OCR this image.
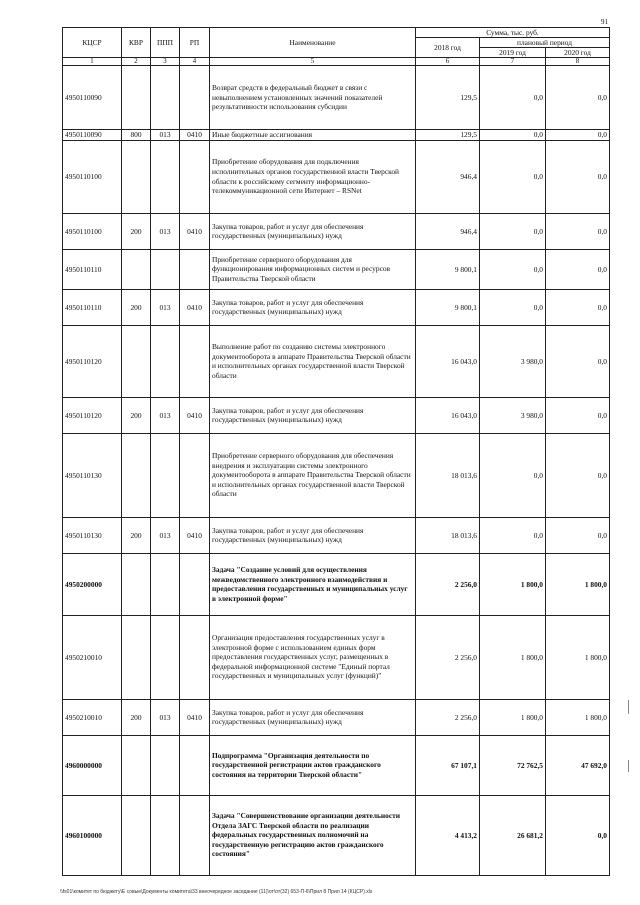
91
КЦСР	КВР	ППП	РП	Наименование	Сумма, тыс. руб.		
					2018 год	плановый период	
						2019 год	2020 год
1	2	3	4	5	6	7	8
4950110090				Возврат средств в федеральный бюджет в связи с невыполнением установленных значений показателей результативности использования субсидии	129,5	0,0	0,0
4950110090	800	013	0410	Иные бюджетные ассигнования	129,5	0,0	0,0
4950110100				Приобретение оборудования для подключения исполнительных органов государственной власти Тверской области к российскому сегменту информационно-телекоммуникационной сети Интернет – RSNet	946,4	0,0	0,0
4950110100	200	013	0410	Закупка товаров, работ и услуг для обеспечения государственных (муниципальных) нужд	946,4	0,0	0,0
4950110110				Приобретение серверного оборудования для функционирования информационных систем и ресурсов Правительства Тверской области	9 800,1	0,0	0,0
4950110110	200	013	0410	Закупка товаров, работ и услуг для обеспечения государственных (муниципальных) нужд	9 800,1	0,0	0,0
4950110120				Выполнение работ по созданию системы электронного документооборота в аппарате Правительства Тверской области и исполнительных органах государственной власти Тверской области	16 043,0	3 980,0	0,0
4950110120	200	013	0410	Закупка товаров, работ и услуг для обеспечения государственных (муниципальных) нужд	16 043,0	3 980,0	0,0
4950110130				Приобретение серверного оборудования для обеспечения внедрения и эксплуатации системы электронного документооборота в аппарате Правительства Тверской области и исполнительных органах государственной власти Тверской области	18 013,6	0,0	0,0
4950110130	200	013	0410	Закупка товаров, работ и услуг для обеспечения государственных (муниципальных) нужд	18 013,6	0,0	0,0
4950200000				Задача "Создание условий для осуществления межведомственного электронного взаимодействия и предоставления государственных и муниципальных услуг в электронной форме"	2 256,0	1 800,0	1 800,0
4950210010				Организация предоставления государственных услуг в электронной форме с использованием единых форм предоставления государственных услуг, размещенных в федеральной информационной системе "Единый портал государственных и муниципальных услуг (функций)"	2 256,0	1 800,0	1 800,0
4950210010	200	013	0410	Закупка товаров, работ и услуг для обеспечения государственных (муниципальных) нужд	2 256,0	1 800,0	1 800,0
4960000000				Подпрограмма "Организация деятельности по государственной регистрации актов гражданского состояния на территории Тверской области"	67 107,1	72 762,5	47 692,0
4960100000				Задача "Совершенствование организации деятельности Отдела ЗАГС Тверской области по реализации федеральных государственных полномочий на государственную регистрацию актов гражданского состояния"	4 413,2	26 681,2	0,0
\\fs01\комитет по бюджету\Е совые\Документы комитета\33 внеочередное заседание (11)\от\от(32) 653-П-6\Прил 8 Прил 14 (КЦСР).xls
